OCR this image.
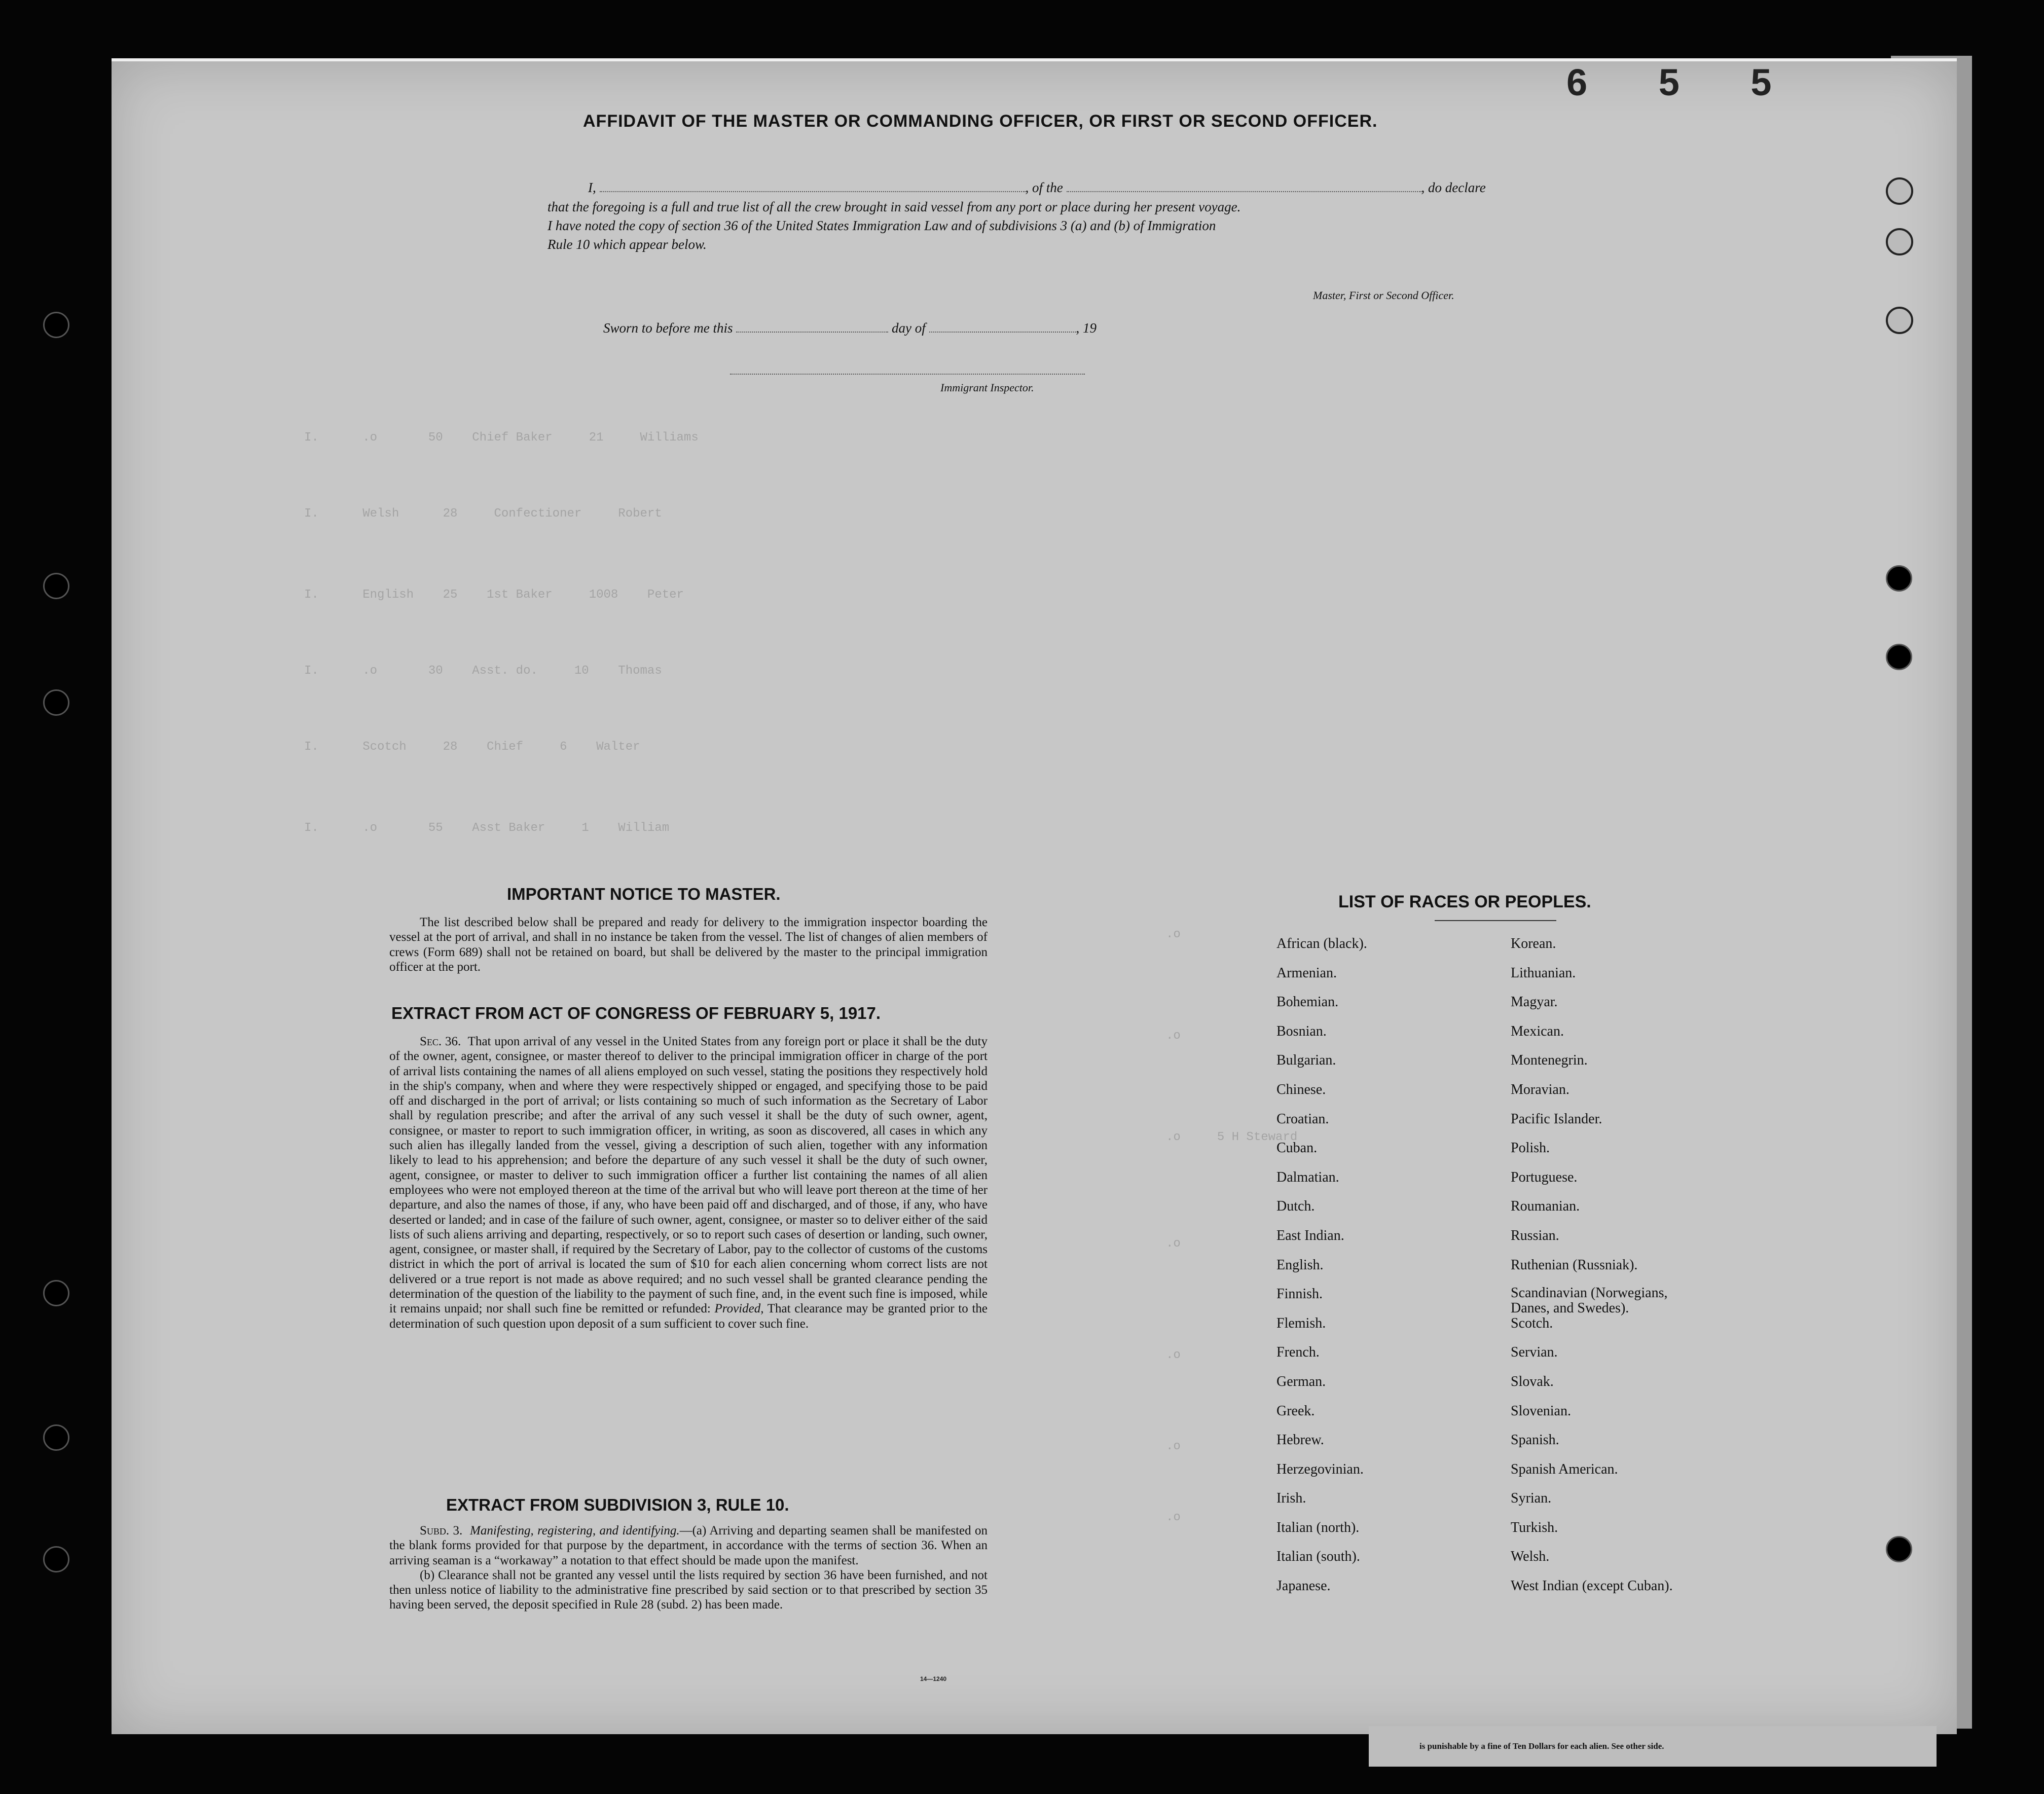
is punishable by a fine of Ten Dollars for each alien. See other side.
I.      .o       50    Chief Baker     21     Williams
I.      Welsh      28     Confectioner     Robert
I.      English    25    1st Baker     1008    Peter
I.      .o       30    Asst. do.     10    Thomas
I.      Scotch     28    Chief     6    Walter
I.      .o       55    Asst Baker     1    William
.o
.o
.o     5 H Steward
.o
.o
.o
.o
6 5 5
AFFIDAVIT OF THE MASTER OR COMMANDING OFFICER, OR FIRST OR SECOND OFFICER.
I,	, of the	, do declare
that the foregoing is a full and true list of all the crew brought in said vessel from any port or place during her present voyage.
I have noted the copy of section 36 of the United States Immigration Law and of subdivisions 3 (a) and (b) of Immigration
Rule 10 which appear below.
Master, First or Second Officer.
Sworn to before me this	day of	, 19
Immigrant Inspector.
IMPORTANT NOTICE TO MASTER.

The list described below shall be prepared and ready for delivery to the immigration inspector boarding the vessel at the port of arrival, and shall in no instance be taken from the vessel. The list of changes of alien members of crews (Form 689) shall not be retained on board, but shall be delivered by the master to the principal immigration officer at the port.

EXTRACT FROM ACT OF CONGRESS OF FEBRUARY 5, 1917.

Sec. 36. That upon arrival of any vessel in the United States from any foreign port or place it shall be the duty of the owner, agent, consignee, or master thereof to deliver to the principal immigration officer in charge of the port of arrival lists containing the names of all aliens employed on such vessel, stating the positions they respectively hold in the ship's company, when and where they were respectively shipped or engaged, and specifying those to be paid off and discharged in the port of arrival; or lists containing so much of such information as the Secretary of Labor shall by regulation prescribe; and after the arrival of any such vessel it shall be the duty of such owner, agent, consignee, or master to report to such immigration officer, in writing, as soon as discovered, all cases in which any such alien has illegally landed from the vessel, giving a description of such alien, together with any information likely to lead to his apprehension; and before the departure of any such vessel it shall be the duty of such owner, agent, consignee, or master to deliver to such immigration officer a further list containing the names of all alien employees who were not employed thereon at the time of the arrival but who will leave port thereon at the time of her departure, and also the names of those, if any, who have been paid off and discharged, and of those, if any, who have deserted or landed; and in case of the failure of such owner, agent, consignee, or master so to deliver either of the said lists of such aliens arriving and departing, respectively, or so to report such cases of desertion or landing, such owner, agent, consignee, or master shall, if required by the Secretary of Labor, pay to the collector of customs of the customs district in which the port of arrival is located the sum of $10 for each alien concerning whom correct lists are not delivered or a true report is not made as above required; and no such vessel shall be granted clearance pending the determination of the question of the liability to the payment of such fine, and, in the event such fine is imposed, while it remains unpaid; nor shall such fine be remitted or refunded: Provided, That clearance may be granted prior to the determination of such question upon deposit of a sum sufficient to cover such fine.

EXTRACT FROM SUBDIVISION 3, RULE 10.

Subd. 3. Manifesting, registering, and identifying.—(a) Arriving and departing seamen shall be manifested on the blank forms provided for that purpose by the department, in accordance with the terms of section 36. When an arriving seaman is a “workaway” a notation to that effect should be made upon the manifest.

(b) Clearance shall not be granted any vessel until the lists required by section 36 have been furnished, and not then unless notice of liability to the administrative fine prescribed by said section or to that prescribed by section 35 having been served, the deposit specified in Rule 28 (subd. 2) has been made.

14—1240
LIST OF RACES OR PEOPLES.
African (black).
Armenian.
Bohemian.
Bosnian.
Bulgarian.
Chinese.
Croatian.
Cuban.
Dalmatian.
Dutch.
East Indian.
English.
Finnish.
Flemish.
French.
German.
Greek.
Hebrew.
Herzegovinian.
Irish.
Italian (north).
Italian (south).
Japanese.
Korean.
Lithuanian.
Magyar.
Mexican.
Montenegrin.
Moravian.
Pacific Islander.
Polish.
Portuguese.
Roumanian.
Russian.
Ruthenian (Russniak).
Scandinavian (Norwegians, Danes, and Swedes).
Scotch.
Servian.
Slovak.
Slovenian.
Spanish.
Spanish American.
Syrian.
Turkish.
Welsh.
West Indian (except Cuban).
